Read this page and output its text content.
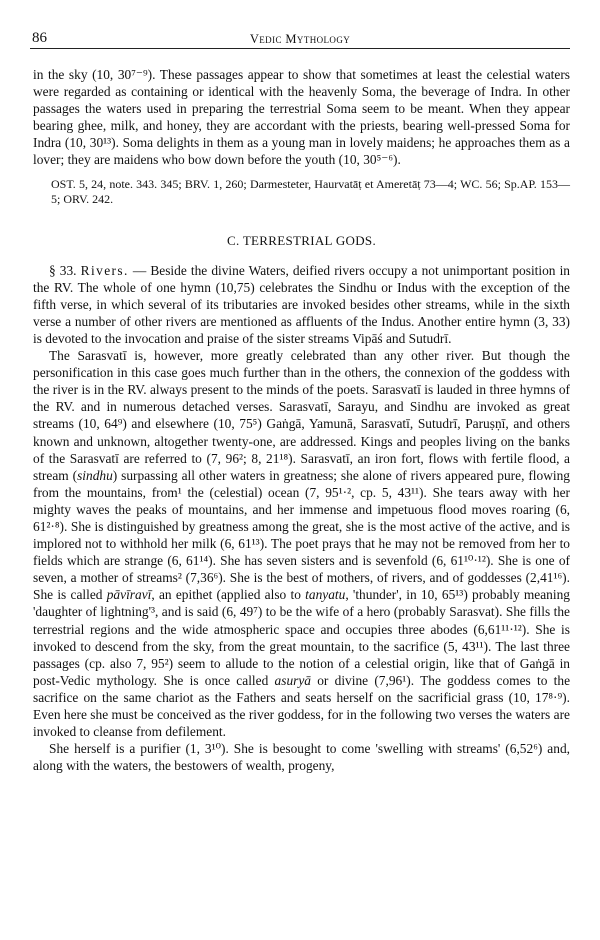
86	Vedic Mythology

in the sky (10, 30⁷⁻⁹). These passages appear to show that sometimes at least the celestial waters were regarded as containing or identical with the heavenly Soma, the beverage of Indra. In other passages the waters used in preparing the terrestrial Soma seem to be meant. When they appear bearing ghee, milk, and honey, they are accordant with the priests, bearing well-pressed Soma for Indra (10, 30¹³). Soma delights in them as a young man in lovely maidens; he approaches them as a lover; they are maidens who bow down before the youth (10, 30⁵⁻⁶).

OST. 5, 24, note. 343. 345; BRV. 1, 260; Darmesteter, Haurvatāṭ et Ameretāṭ 73—4; WC. 56; Sp.AP. 153—5; ORV. 242.

C. TERRESTRIAL GODS.

§ 33. Rivers. — Beside the divine Waters, deified rivers occupy a not unimportant position in the RV. The whole of one hymn (10,75) celebrates the Sindhu or Indus with the exception of the fifth verse, in which several of its tributaries are invoked besides other streams, while in the sixth verse a number of other rivers are mentioned as affluents of the Indus. Another entire hymn (3, 33) is devoted to the invocation and praise of the sister streams Vipāś and Sutudrī.

The Sarasvatī is, however, more greatly celebrated than any other river. But though the personification in this case goes much further than in the others, the connexion of the goddess with the river is in the RV. always present to the minds of the poets. Sarasvatī is lauded in three hymns of the RV. and in numerous detached verses. Sarasvatī, Sarayu, and Sindhu are invoked as great streams (10, 64⁹) and elsewhere (10, 75⁵) Gaṅgā, Yamunā, Sarasvatī, Sutudrī, Paruṣṇī, and others known and unknown, altogether twenty-one, are addressed. Kings and peoples living on the banks of the Sarasvatī are referred to (7, 96²; 8, 21¹⁸). Sarasvatī, an iron fort, flows with fertile flood, a stream (sindhu) surpassing all other waters in greatness; she alone of rivers appeared pure, flowing from the mountains, from¹ the (celestial) ocean (7, 95¹·², cp. 5, 43¹¹). She tears away with her mighty waves the peaks of mountains, and her immense and impetuous flood moves roaring (6, 61²·⁸). She is distinguished by greatness among the great, she is the most active of the active, and is implored not to withhold her milk (6, 61¹³). The poet prays that he may not be removed from her to fields which are strange (6, 61¹⁴). She has seven sisters and is sevenfold (6, 61¹⁰·¹²). She is one of seven, a mother of streams² (7,36⁶). She is the best of mothers, of rivers, and of goddesses (2,41¹⁶). She is called pāvīravī, an epithet (applied also to tanyatu, 'thunder', in 10, 65¹³) probably meaning 'daughter of lightning'³, and is said (6, 49⁷) to be the wife of a hero (probably Sarasvat). She fills the terrestrial regions and the wide atmospheric space and occupies three abodes (6,61¹¹·¹²). She is invoked to descend from the sky, from the great mountain, to the sacrifice (5, 43¹¹). The last three passages (cp. also 7, 95²) seem to allude to the notion of a celestial origin, like that of Gaṅgā in post-Vedic mythology. She is once called asuryā or divine (7,96¹). The goddess comes to the sacrifice on the same chariot as the Fathers and seats herself on the sacrificial grass (10, 17⁸·⁹). Even here she must be conceived as the river goddess, for in the following two verses the waters are invoked to cleanse from defilement.

She herself is a purifier (1, 3¹⁰). She is besought to come 'swelling with streams' (6,52⁶) and, along with the waters, the bestowers of wealth, progeny,
